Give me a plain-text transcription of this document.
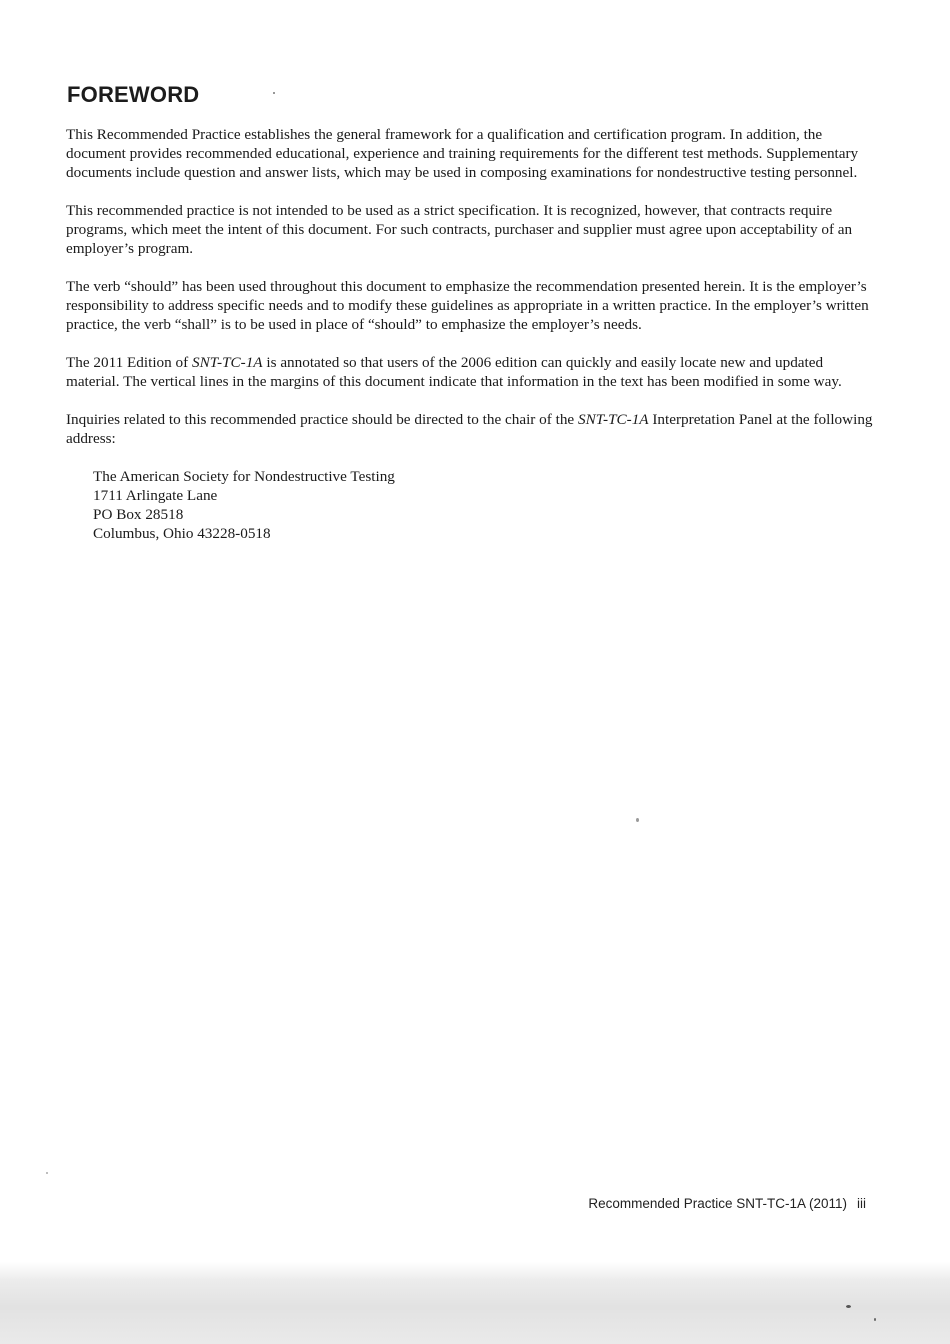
FOREWORD

This Recommended Practice establishes the general framework for a qualification and certification program. In addition, the document provides recommended educational, experience and training requirements for the different test methods. Supplementary documents include question and answer lists, which may be used in composing examinations for nondestructive testing personnel.

This recommended practice is not intended to be used as a strict specification. It is recognized, however, that contracts require programs, which meet the intent of this document. For such contracts, purchaser and supplier must agree upon acceptability of an employer’s program.

The verb “should” has been used throughout this document to emphasize the recommendation presented herein. It is the employer’s responsibility to address specific needs and to modify these guidelines as appropriate in a written practice. In the employer’s written practice, the verb “shall” is to be used in place of “should” to emphasize the employer’s needs.

The 2011 Edition of SNT-TC-1A is annotated so that users of the 2006 edition can quickly and easily locate new and updated material. The vertical lines in the margins of this document indicate that information in the text has been modified in some way.

Inquiries related to this recommended practice should be directed to the chair of the SNT-TC-1A Interpretation Panel at the following address:

The American Society for Nondestructive Testing
1711 Arlingate Lane
PO Box 28518
Columbus, Ohio 43228-0518
Recommended Practice SNT-TC-1A (2011) iii
